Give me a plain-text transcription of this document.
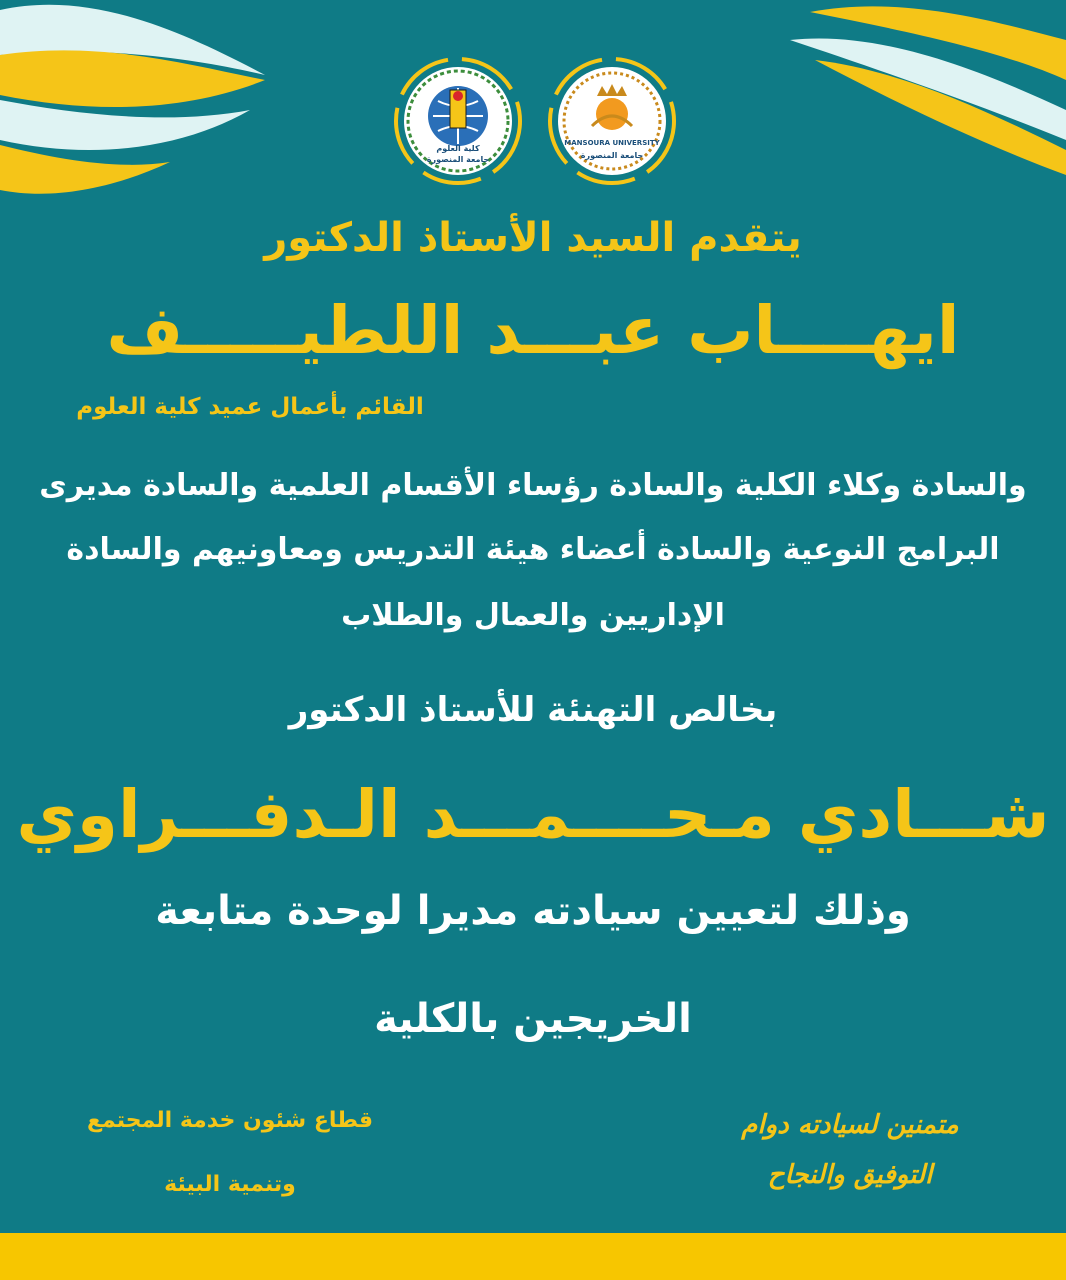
كلية العلوم
جامعة المنصورة
MANSOURA UNIVERSITY
جامعة المنصورة

يتقدم السيد الأستاذ الدكتور

ايهــــاب عبـــد اللطيـــــف

القائم بأعمال عميد كلية العلوم

والسادة وكلاء الكلية والسادة رؤساء الأقسام العلمية والسادة مديرى

البرامج النوعية والسادة أعضاء هيئة التدريس ومعاونيهم والسادة

الإداريين والعمال والطلاب

بخالص التهنئة للأستاذ الدكتور

شـــادي مـحــــمـــد الـدفـــراوي

وذلك لتعيين سيادته مديرا لوحدة متابعة

الخريجين بالكلية

قطاع شئون خدمة المجتمع

وتنمية البيئة

متمنين لسيادته دوام

التوفيق والنجاح
